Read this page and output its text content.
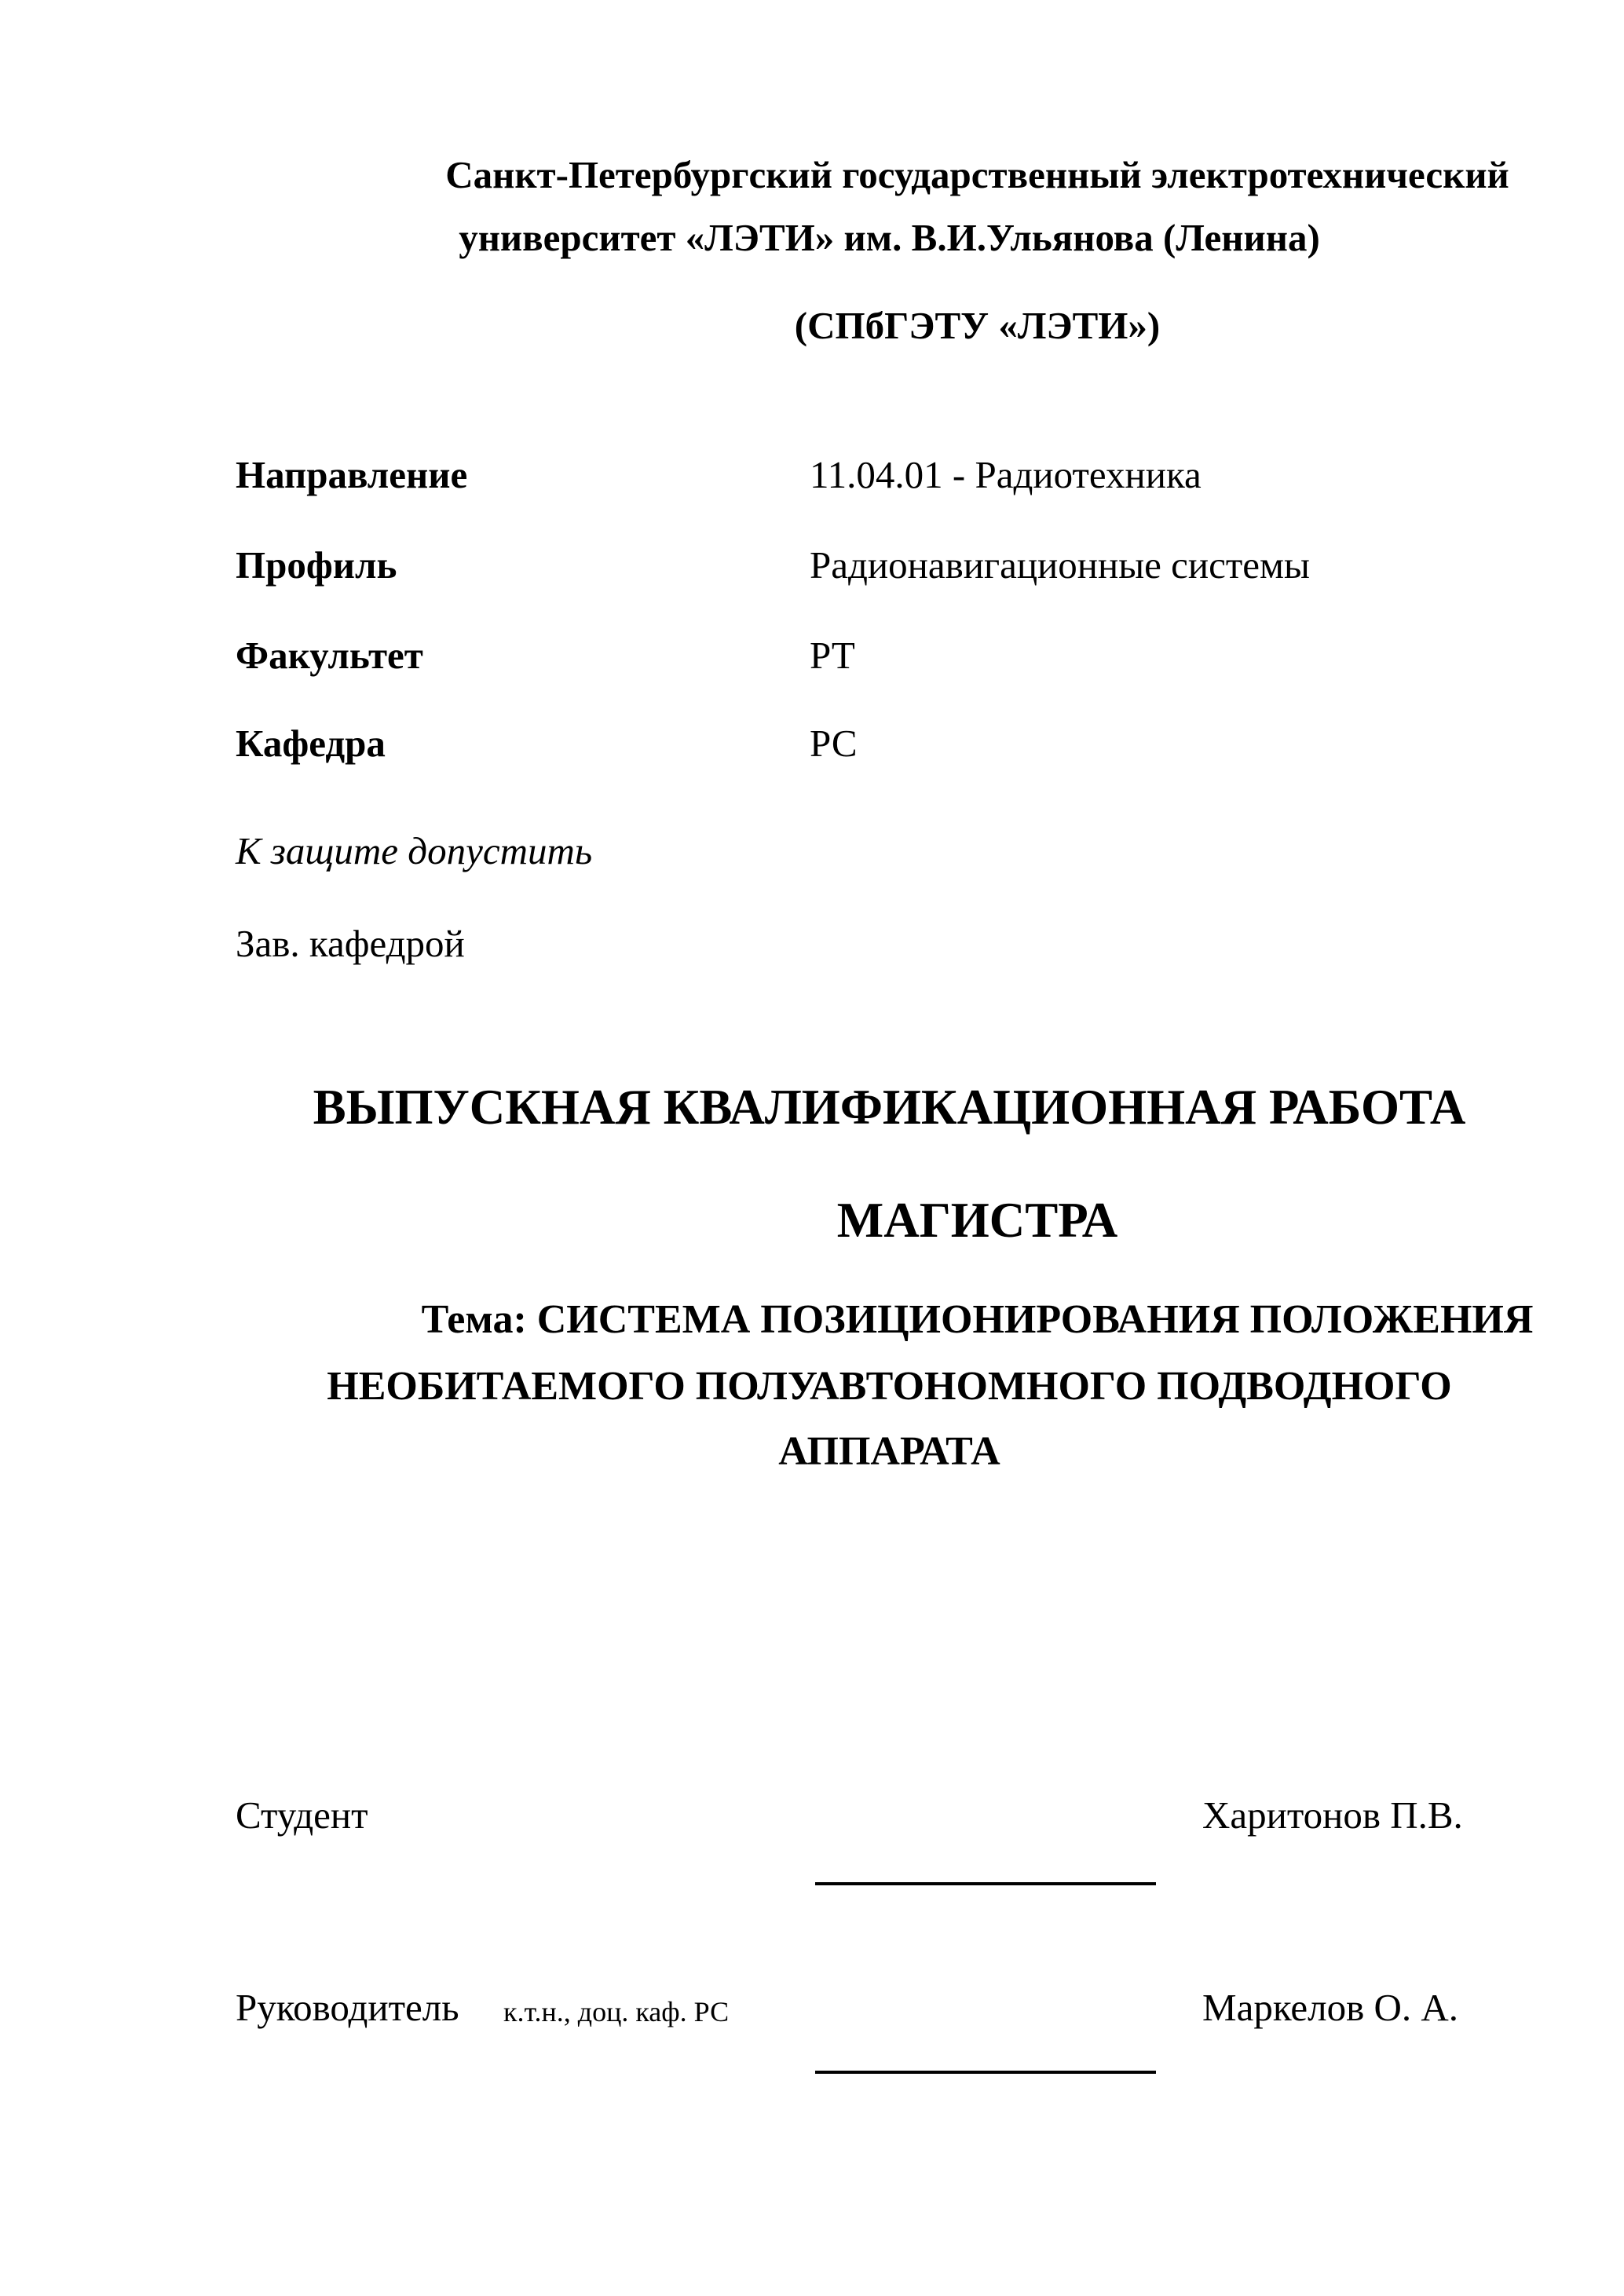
Санкт-Петербургский государственный электротехнический
университет «ЛЭТИ» им. В.И.Ульянова (Ленина)
(СПбГЭТУ «ЛЭТИ»)
Направление	11.04.01 - Радиотехника
Профиль	Радионавигационные системы
Факультет	РТ
Кафедра	РС
К защите допустить
Зав. кафедрой
ВЫПУСКНАЯ КВАЛИФИКАЦИОННАЯ РАБОТА
МАГИСТРА
Тема: СИСТЕМА ПОЗИЦИОНИРОВАНИЯ ПОЛОЖЕНИЯ
НЕОБИТАЕМОГО ПОЛУАВТОНОМНОГО ПОДВОДНОГО
АППАРАТА
Студент	Харитонов П.В.
Руководитель к.т.н., доц. каф. РС	Маркелов О. А.
